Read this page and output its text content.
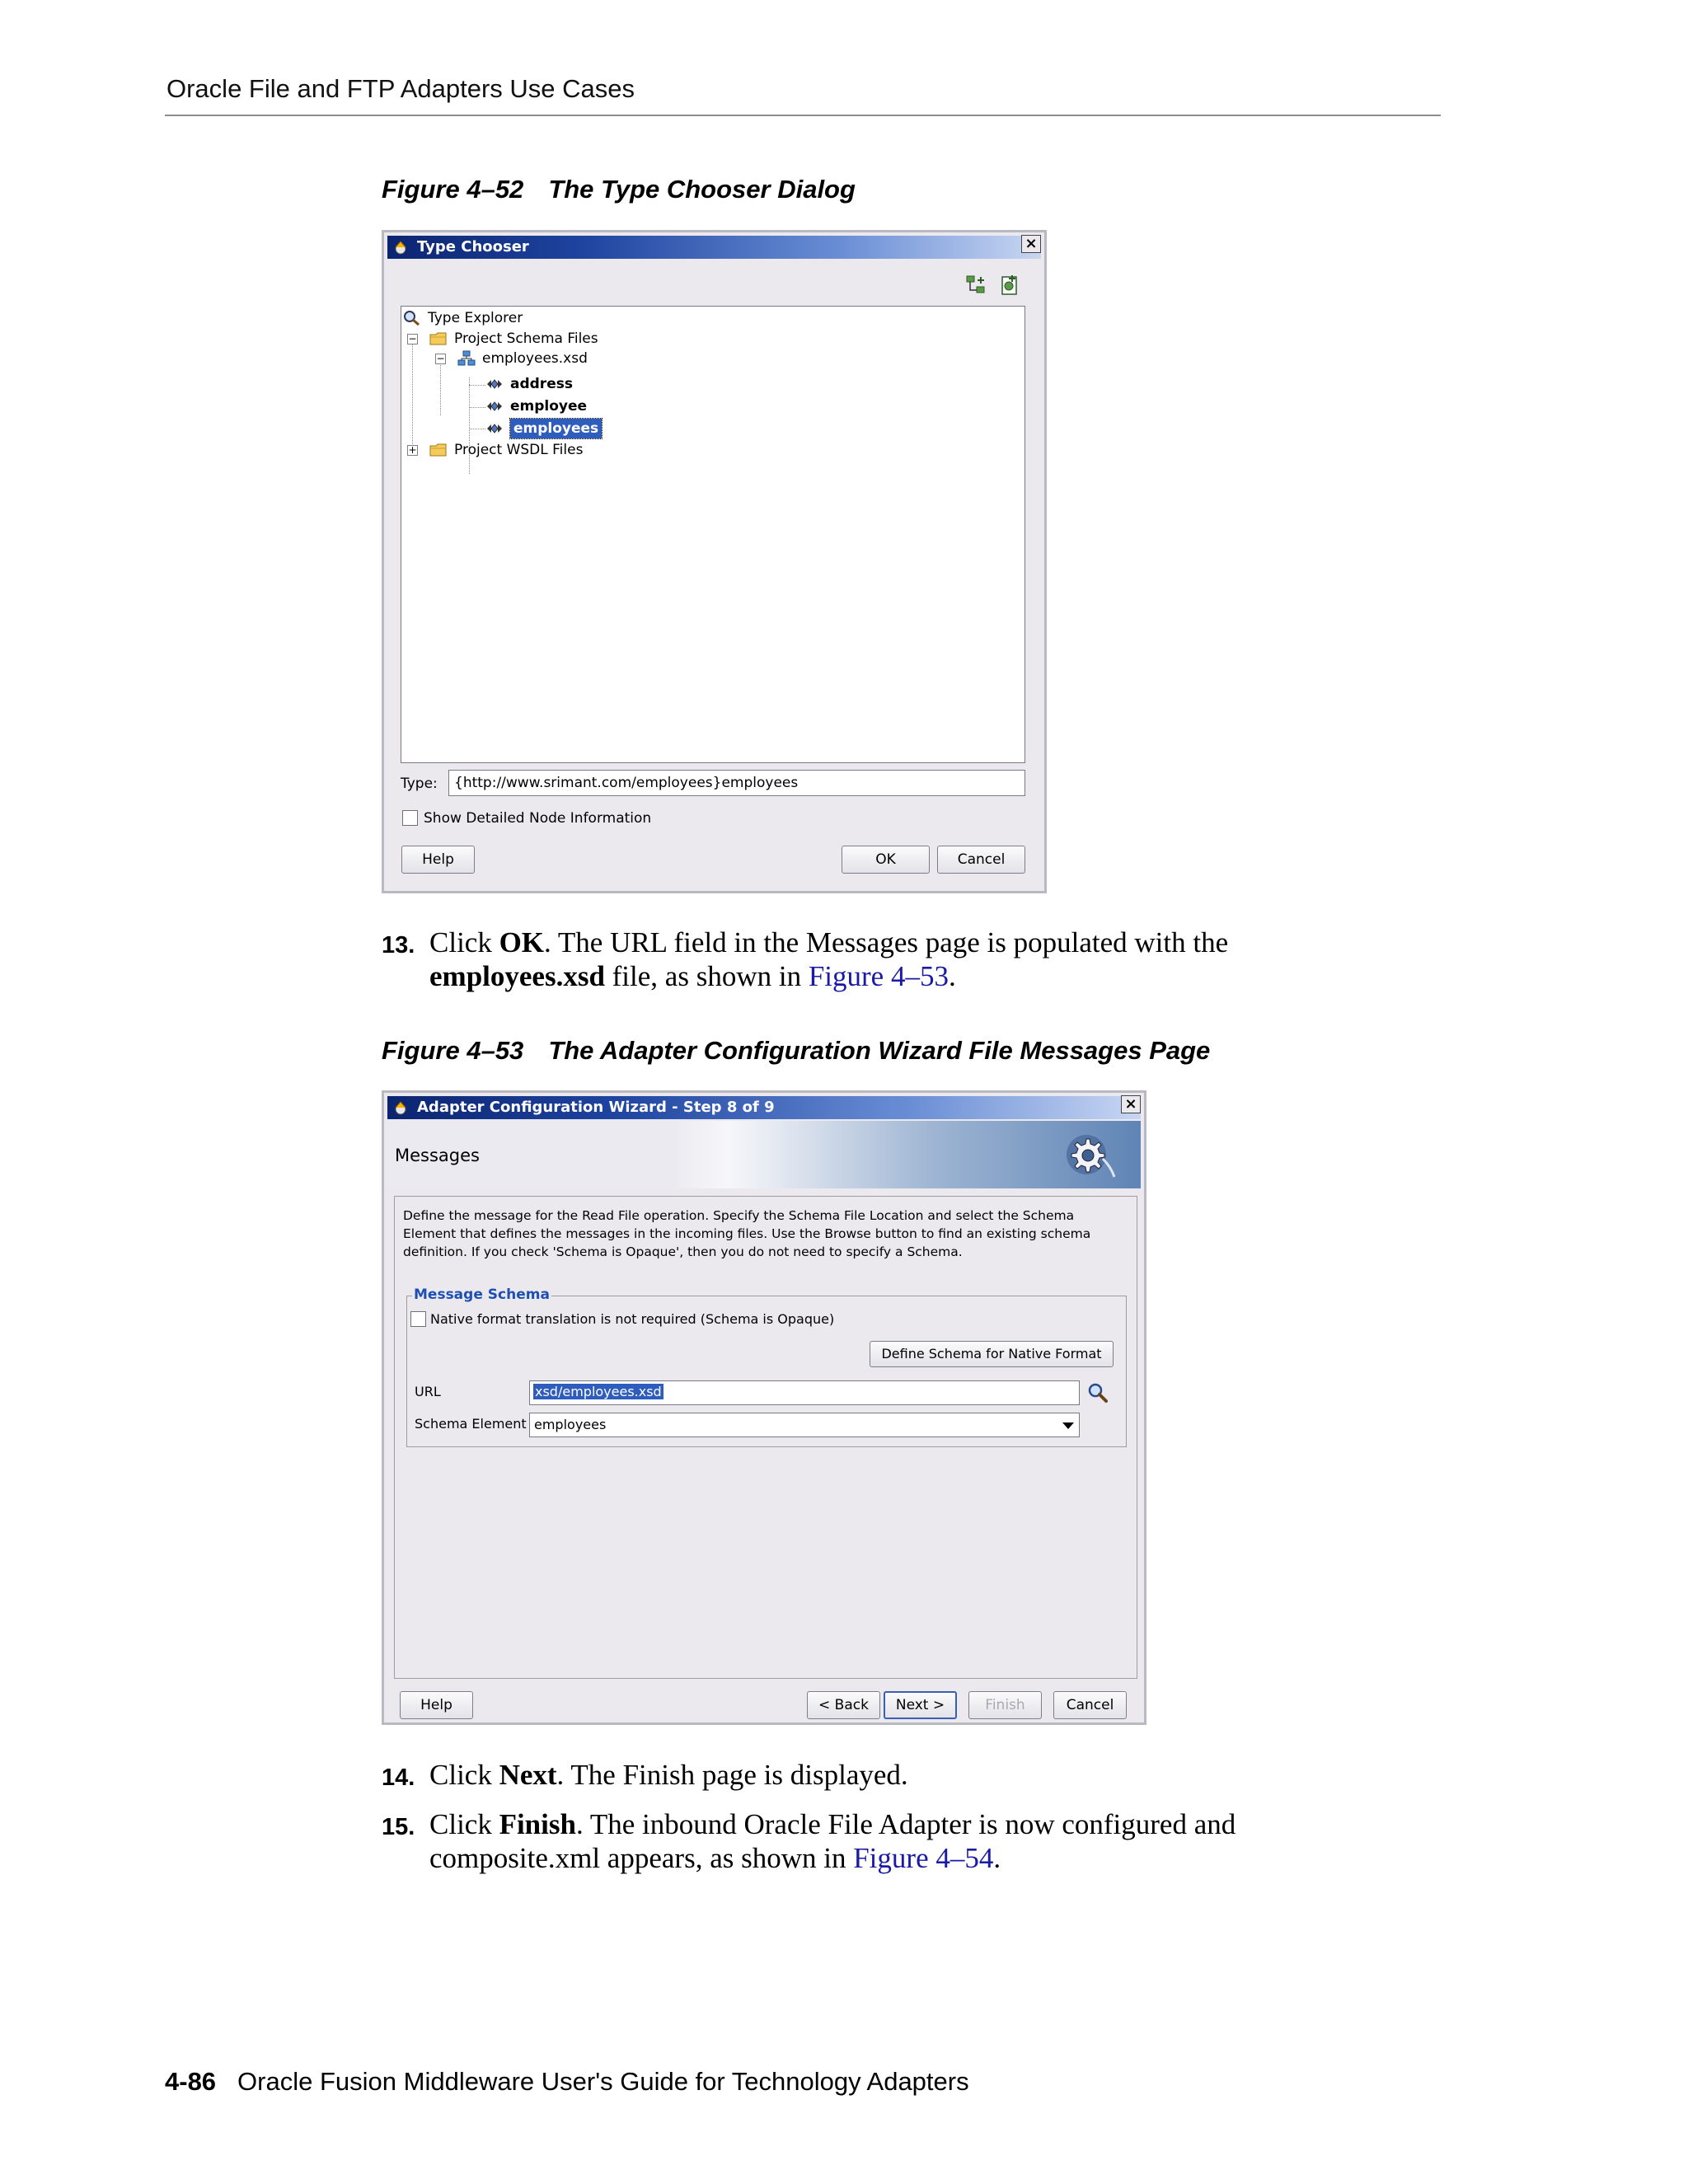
Oracle File and FTP Adapters Use Cases
Figure 4–52 The Type Chooser Dialog
Type Chooser	×
Type Explorer
−	Project Schema Files
−	employees.xsd
address
employee
employees
+	Project WSDL Files
Type:	{http://www.srimant.com/employees}employees
Show Detailed Node Information
Help	OK	Cancel
13. Click OK. The URL field in the Messages page is populated with the
employees.xsd file, as shown in Figure 4–53.
Figure 4–53 The Adapter Configuration Wizard File Messages Page
Adapter Configuration Wizard - Step 8 of 9	×
Messages
Define the message for the Read File operation. Specify the Schema File Location and select the Schema Element that defines the messages in the incoming files. Use the Browse button to find an existing schema definition. If you check 'Schema is Opaque', then you do not need to specify a Schema.
Message Schema
Native format translation is not required (Schema is Opaque)
Define Schema for Native Format
URL	xsd/employees.xsd
Schema Element employees
Help	< Back	Next >	Finish	Cancel
14. Click Next. The Finish page is displayed.
15. Click Finish. The inbound Oracle File Adapter is now configured and
composite.xml appears, as shown in Figure 4–54.
4-86 Oracle Fusion Middleware User's Guide for Technology Adapters
